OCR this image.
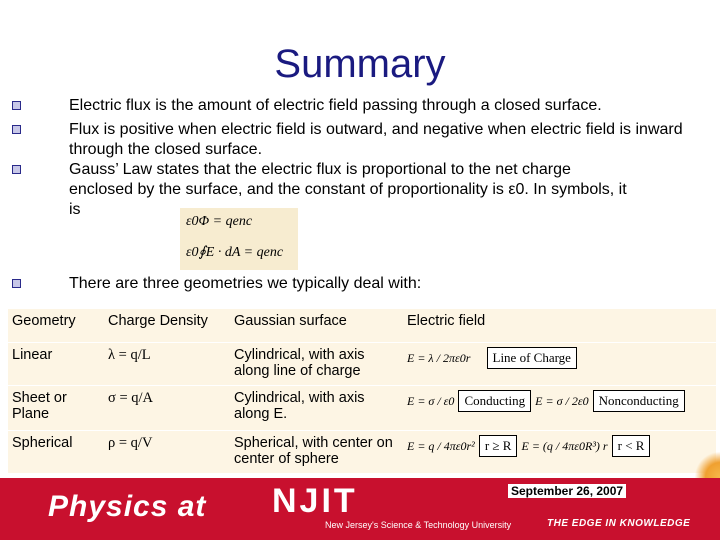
Summary
Electric flux is the amount of electric field passing through a closed surface.
Flux is positive when electric field is outward, and negative when electric field is inward through the closed surface.
Gauss’ Law states that the electric flux is proportional to the net charge enclosed by the surface, and the constant of proportionality is ε0. In symbols, it is
There are three geometries we typically deal with:
ε0Φ = qenc
ε0∮E · dA = qenc
Geometry	Charge Density	Gaussian surface	Electric field
Linear	λ = q/L	Cylindrical, with axis along line of charge	E = λ / 2πε0r Line of Charge
Sheet or Plane	σ = q/A	Cylindrical, with axis along E.	E = σ / ε0 Conducting E = σ / 2ε0 Nonconducting
Spherical	ρ = q/V	Spherical, with center on center of sphere	E = q / 4πε0r² r ≥ R E = (q / 4πε0R³) r r < R
Physics at NJIT
New Jersey's Science & Technology University	THE EDGE IN KNOWLEDGE
September 26, 2007
